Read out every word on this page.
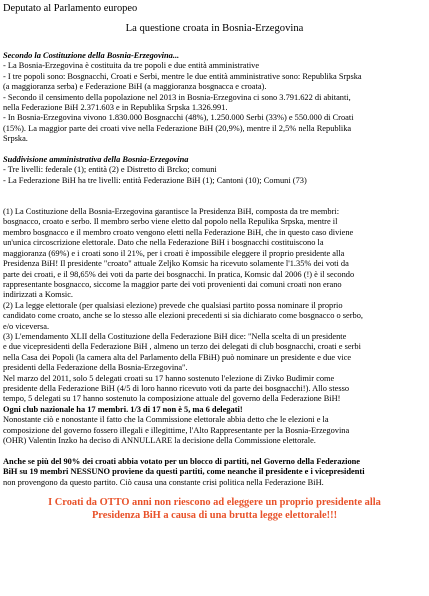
Deputato al Parlamento europeo

La questione croata in Bosnia-Erzegovina

Secondo la Costituzione della Bosnia-Erzegovina...

- La Bosnia-Erzegovina è costituita da tre popoli e due entità amministrative

- I tre popoli sono: Bosgnacchi, Croati e Serbi, mentre le due entità amministrative sono: Republika Srpska

(a maggioranza serba) e Federazione BiH (a maggioranza bosgnacca e croata).

- Secondo il censimento della popolazione nel 2013 in Bosnia-Erzegovina ci sono 3.791.622 di abitanti,

nella Federazione BiH 2.371.603 e in Republika Srpska 1.326.991.

- In Bosnia-Erzegovina vivono 1.830.000 Bosgnacchi (48%), 1.250.000 Serbi (33%) e 550.000 di Croati

(15%). La maggior parte dei croati vive nella Federazione BiH (20,9%), mentre il 2,5% nella Republika

Srpska.

Suddivisione amministrativa della Bosnia-Erzegovina

- Tre livelli: federale (1); entità (2) e Distretto di Brcko; comuni

- La Federazione BiH ha tre livelli: entità Federazione BiH (1); Cantoni (10); Comuni (73)

(1) La Costituzione della Bosnia-Erzegovina garantisce la Presidenza BiH, composta da tre membri:

bosgnacco, croato e serbo. Il membro serbo viene eletto dal popolo nella Repulika Srpska, mentre il

membro bosgnacco e il membro croato vengono eletti nella Federazione BiH, che in questo caso diviene

un'unica circoscrizione elettorale. Dato che nella Federazione BiH i bosgnacchi costituiscono la

maggioranza (69%) e i croati sono il 21%, per i croati è impossibile eleggere il proprio presidente alla

Presidenza BiH! Il presidente "croato" attuale Zeljko Komsic ha ricevuto solamente l'1.35% dei voti da

parte dei croati, e il 98,65% dei voti da parte dei bosgnacchi. In pratica, Komsic dal 2006 (!) è il secondo

rappresentante bosgnacco, siccome la maggior parte dei voti provenienti dai comuni croati non erano

indirizzati a Komsic.

(2) La legge elettorale (per qualsiasi elezione) prevede che qualsiasi partito possa nominare il proprio

candidato come croato, anche se lo stesso alle elezioni precedenti si sia dichiarato come bosgnacco o serbo,

e/o viceversa.

(3) L'emendamento XLII della Costituzione della Federazione BiH dice: "Nella scelta di un presidente

e due vicepresidenti della Federazione BiH , almeno un terzo dei delegati di club bosgnacchi, croati e serbi

nella Casa dei Popoli (la camera alta del Parlamento della FBiH) può nominare un presidente e due vice

presidenti della Federazione della Bosnia-Erzegovina".

Nel marzo del 2011, solo 5 delegati croati su 17 hanno sostenuto l'elezione di Zivko Budimir come

presidente della Federazione BiH (4/5 di loro hanno ricevuto voti da parte dei bosgnacchi!). Allo stesso

tempo, 5 delegati su 17 hanno sostenuto la composizione attuale del governo della Federazione BiH!

Ogni club nazionale ha 17 membri. 1/3 di 17 non è 5, ma 6 delegati!

Nonostante ciò e nonostante il fatto che la Commissione elettorale abbia detto che le elezioni e la

composizione del governo fossero illegali e illegittime, l'Alto Rappresentante per la Bosnia-Erzegovina

(OHR) Valentin Inzko ha deciso di ANNULLARE la decisione della Commissione elettorale.

Anche se più del 90% dei croati abbia votato per un blocco di partiti, nel Governo della Federazione

BiH su 19 membri NESSUNO proviene da questi partiti, come neanche il presidente e i vicepresidenti

non provengono da questo partito. Ciò causa una constante crisi politica nella Federazione BiH.

I Croati da OTTO anni non riescono ad eleggere un proprio presidente alla
Presidenza BiH a causa di una brutta legge elettorale!!!
